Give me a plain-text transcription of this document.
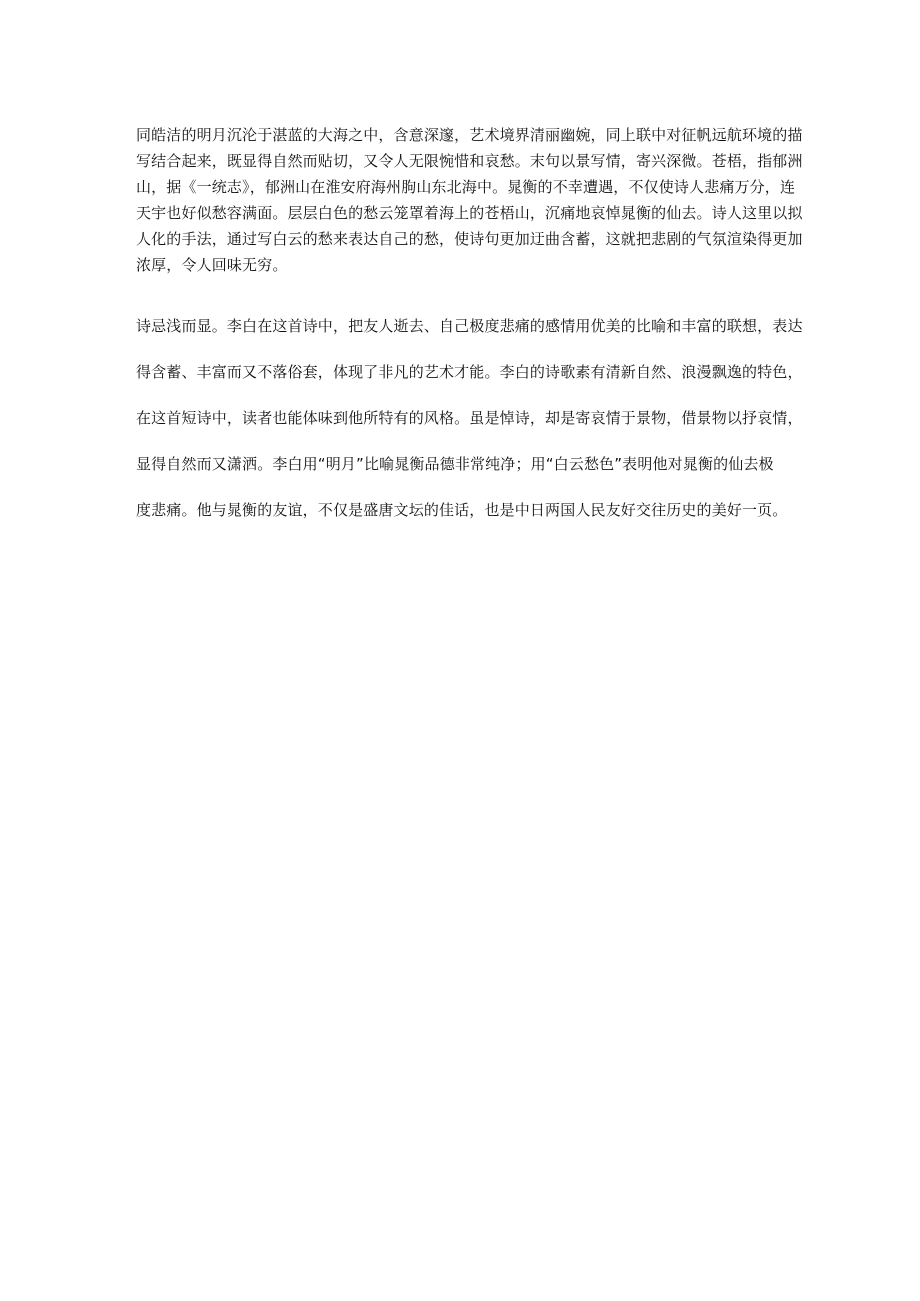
同皓洁的明月沉沦于湛蓝的大海之中，含意深邃，艺术境界清丽幽婉，同上联中对征帆远航环境的描
写结合起来，既显得自然而贴切，又令人无限惋惜和哀愁。末句以景写情，寄兴深微。苍梧，指郁洲
山，据《一统志》，郁洲山在淮安府海州朐山东北海中。晁衡的不幸遭遇，不仅使诗人悲痛万分，连
天宇也好似愁容满面。层层白色的愁云笼罩着海上的苍梧山，沉痛地哀悼晁衡的仙去。诗人这里以拟
人化的手法，通过写白云的愁来表达自己的愁，使诗句更加迂曲含蓄，这就把悲剧的气氛渲染得更加
浓厚，令人回味无穷。
诗忌浅而显。李白在这首诗中，把友人逝去、自己极度悲痛的感情用优美的比喻和丰富的联想，表达
得含蓄、丰富而又不落俗套，体现了非凡的艺术才能。李白的诗歌素有清新自然、浪漫飘逸的特色，
在这首短诗中，读者也能体味到他所特有的风格。虽是悼诗，却是寄哀情于景物，借景物以抒哀情，
显得自然而又潇洒。李白用“明月”比喻晁衡品德非常纯净；用“白云愁色”表明他对晁衡的仙去极
度悲痛。他与晁衡的友谊，不仅是盛唐文坛的佳话，也是中日两国人民友好交往历史的美好一页。
